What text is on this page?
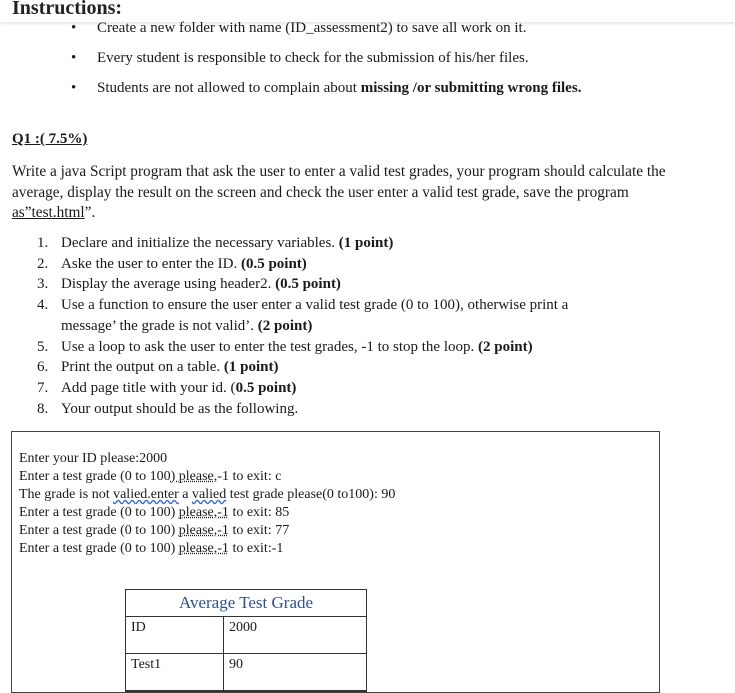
Instructions:
• Create a new folder with name (ID_assessment2) to save all work on it.
• Every student is responsible to check for the submission of his/her files.
• Students are not allowed to complain about missing /or submitting wrong files.
Q1 :( 7.5%)
Write a java Script program that ask the user to enter a valid test grades, your program should calculate the average, display the result on the screen and check the user enter a valid test grade, save the program as”test.html”.
1. Declare and initialize the necessary variables. (1 point)
2. Aske the user to enter the ID. (0.5 point)
3. Display the average using header2. (0.5 point)
4. Use a function to ensure the user enter a valid test grade (0 to 100), otherwise print a
message’ the grade is not valid’. (2 point)
5. Use a loop to ask the user to enter the test grades, -1 to stop the loop. (2 point)
6. Print the output on a table. (1 point)
7. Add page title with your id. (0.5 point)
8. Your output should be as the following.
Enter your ID please:2000
Enter a test grade (0 to 100) please,-1 to exit: c
The grade is not valied.enter a valied test grade please(0 to100): 90
Enter a test grade (0 to 100) please,-1 to exit: 85
Enter a test grade (0 to 100) please,-1 to exit: 77
Enter a test grade (0 to 100) please,-1 to exit:-1
Average Test Grade
ID	2000
Test1	90
